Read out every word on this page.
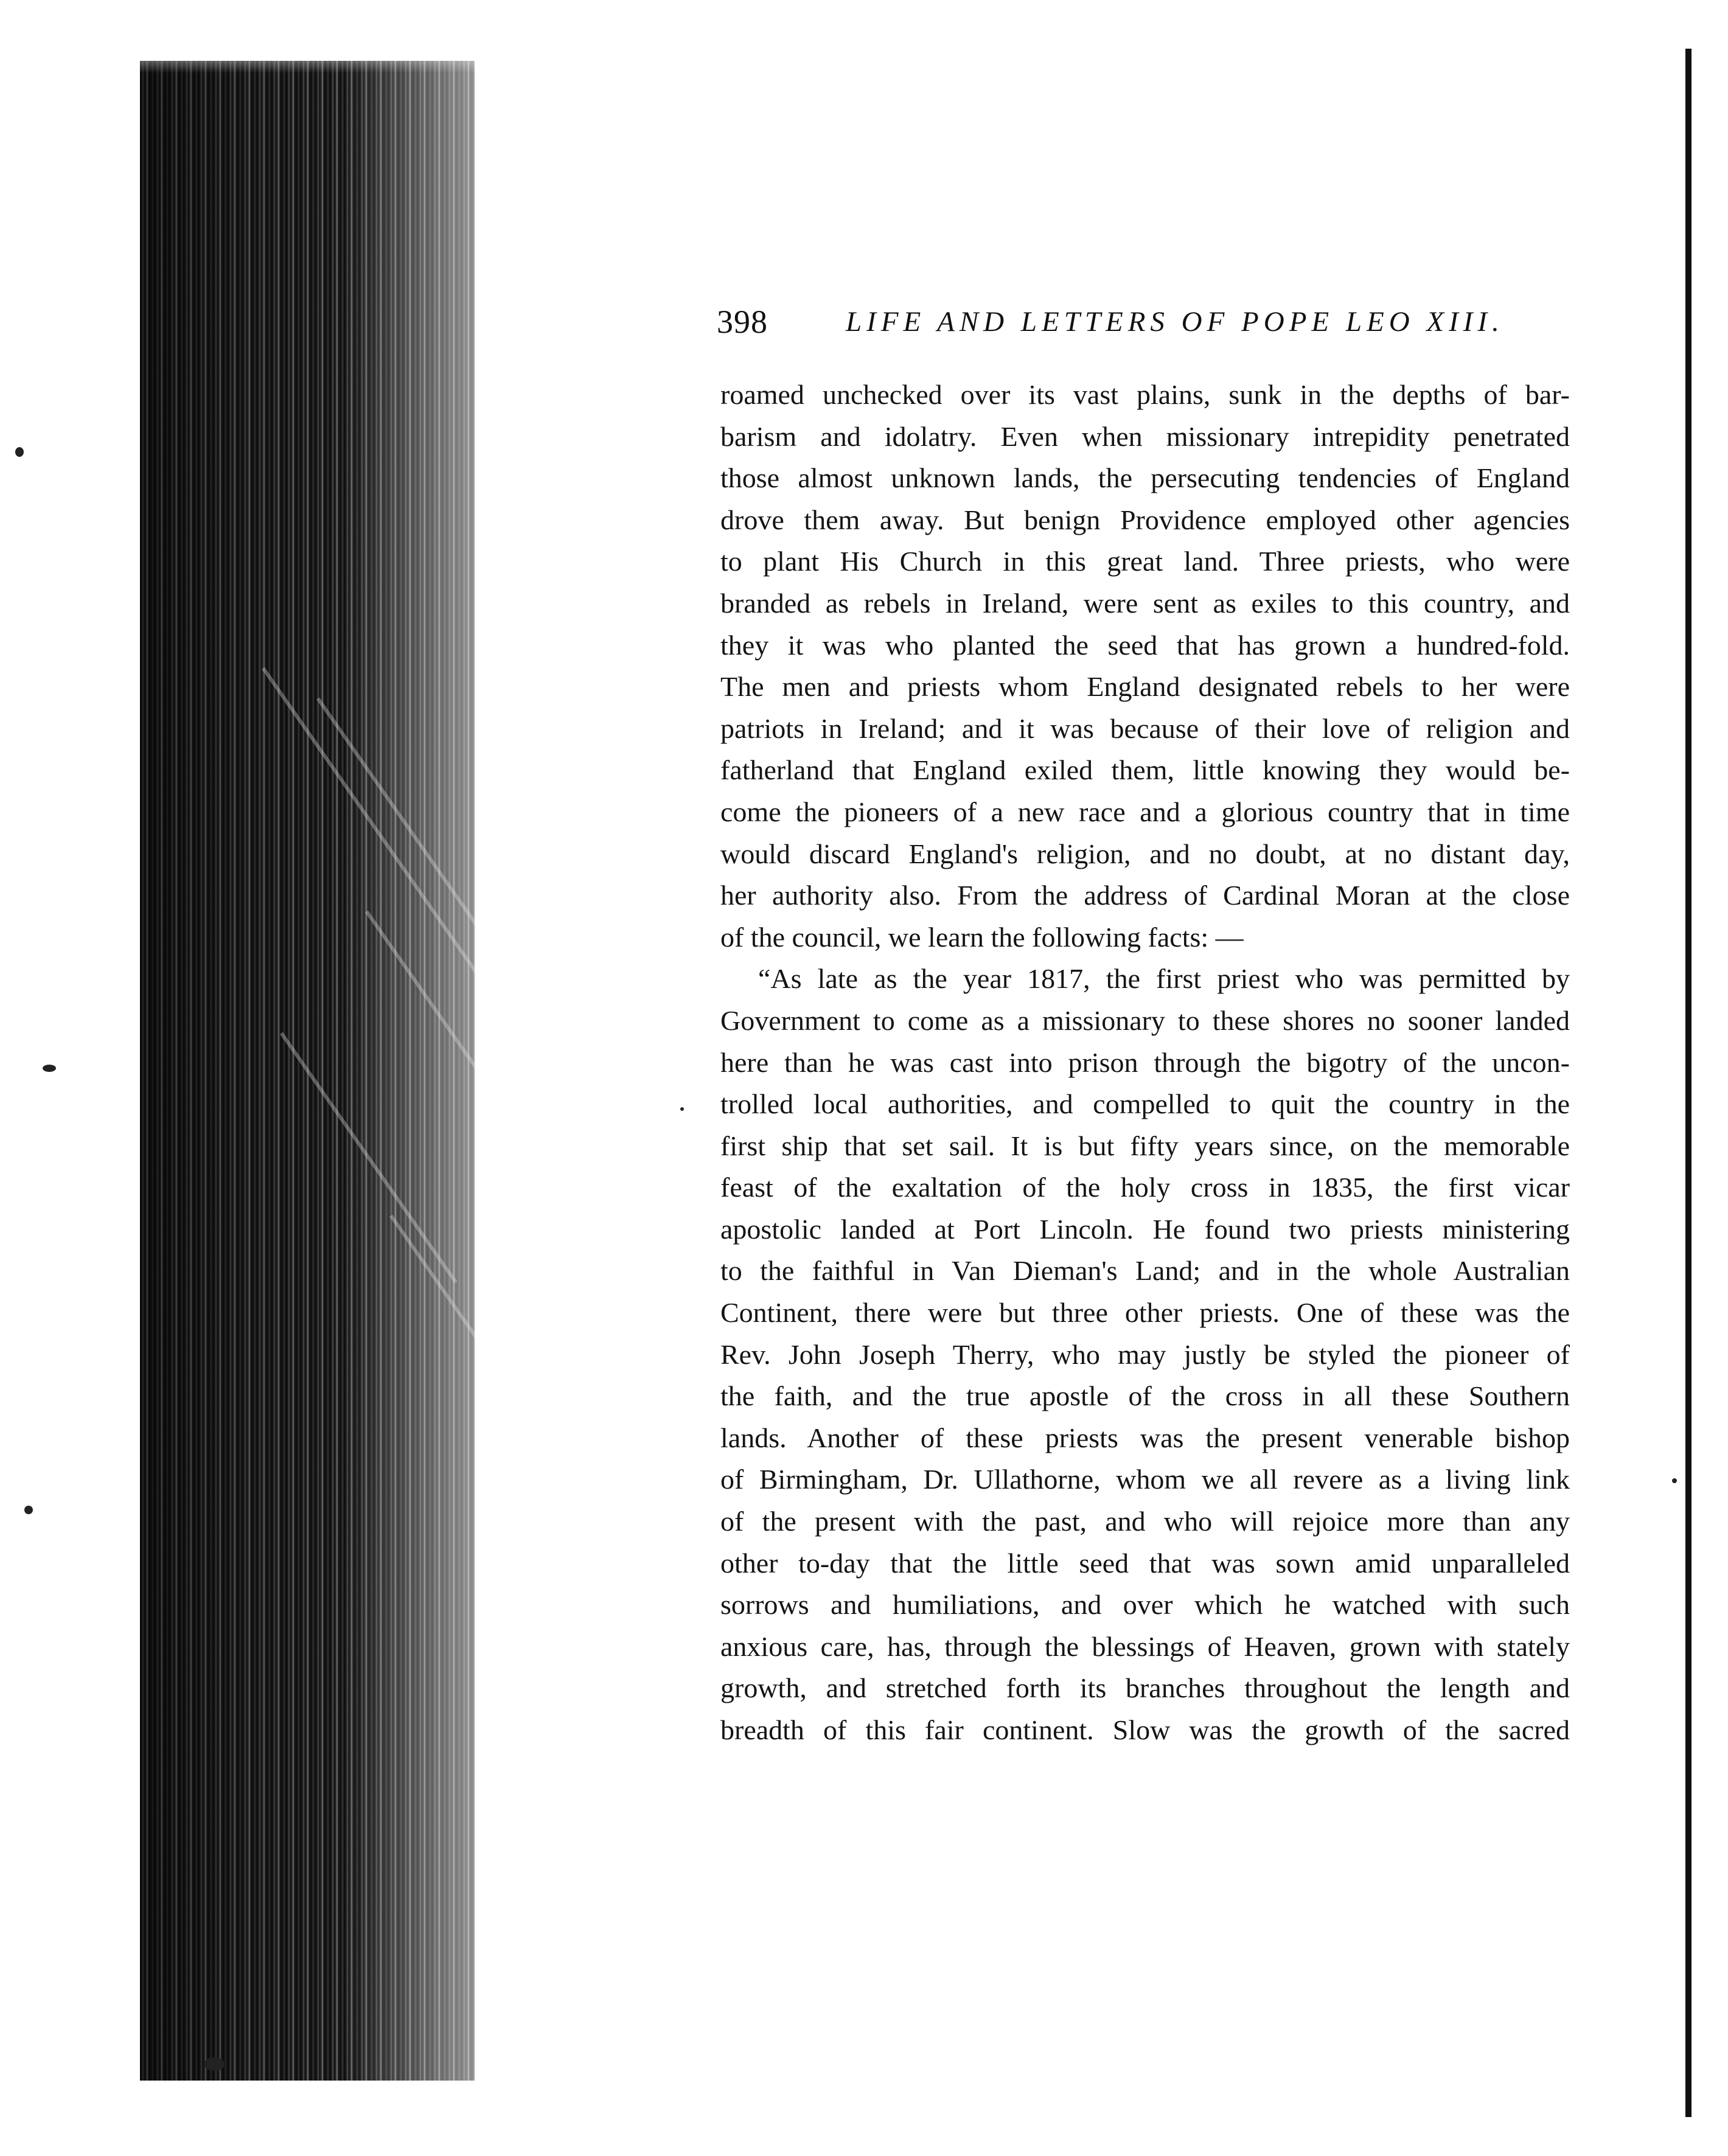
398	LIFE AND LETTERS OF POPE LEO XIII.
roamed unchecked over its vast plains, sunk in the depths of bar-
barism and idolatry. Even when missionary intrepidity penetrated
those almost unknown lands, the persecuting tendencies of England
drove them away. But benign Providence employed other agencies
to plant His Church in this great land. Three priests, who were
branded as rebels in Ireland, were sent as exiles to this country, and
they it was who planted the seed that has grown a hundred-fold.
The men and priests whom England designated rebels to her were
patriots in Ireland; and it was because of their love of religion and
fatherland that England exiled them, little knowing they would be-
come the pioneers of a new race and a glorious country that in time
would discard England's religion, and no doubt, at no distant day,
her authority also. From the address of Cardinal Moran at the close
of the council, we learn the following facts: —
“As late as the year 1817, the first priest who was permitted by
Government to come as a missionary to these shores no sooner landed
here than he was cast into prison through the bigotry of the uncon-
trolled local authorities, and compelled to quit the country in the
first ship that set sail. It is but fifty years since, on the memorable
feast of the exaltation of the holy cross in 1835, the first vicar
apostolic landed at Port Lincoln. He found two priests ministering
to the faithful in Van Dieman's Land; and in the whole Australian
Continent, there were but three other priests. One of these was the
Rev. John Joseph Therry, who may justly be styled the pioneer of
the faith, and the true apostle of the cross in all these Southern
lands. Another of these priests was the present venerable bishop
of Birmingham, Dr. Ullathorne, whom we all revere as a living link
of the present with the past, and who will rejoice more than any
other to-day that the little seed that was sown amid unparalleled
sorrows and humiliations, and over which he watched with such
anxious care, has, through the blessings of Heaven, grown with stately
growth, and stretched forth its branches throughout the length and
breadth of this fair continent. Slow was the growth of the sacred
